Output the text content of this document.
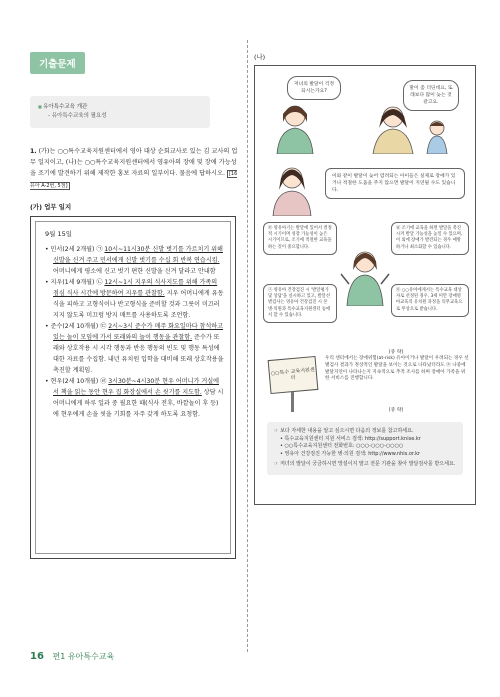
기출문제
■ 유아특수교육 개관
- 유아특수교육의 필요성
1. (가)는 ○○특수교육지원센터에서 영아 대상 순회교사로 있는 김 교사의 업무 일지이고, (나)는 ○○특수교육지원센터에서 영유아의 장애 및 장애 가능성을 조기에 발견하기 위해 제작한 홍보 자료의 일부이다. 물음에 답하시오. [16 유아 A-2번, 5점]
(가) 업무 일지
9월 15일
• 민서(2세 2개월) ㉠ 10시~11시30분 신발 벗기를 가르치기 위해 신발을 신겨 주고 민서에게 신발 벗기를 수십 회 반복 연습시킴. 어머니에게 평소에 신고 벗기 편한 신발을 신겨 달라고 안내함
• 지우(1세 9개월) ㉡ 12시~1시 지우의 식사지도를 위해 가족의 점심 식사 시간에 방문하여 지우를 관찰함. 지우 어머니에게 유동식을 피하고 고형식이나 반고형식을 준비할 것과 그릇이 미끄러지지 않도록 미끄럼 방지 매트를 사용하도록 조언함.
• 준수(2세 10개월) ㉢ 2시~3시 준수가 매주 화요일마다 참석하고 있는 놀이 모임에 가서 또래와의 놀이 행동을 관찰함. 준수가 또래와 상호작용 시 시각 행동과 반응 행동의 빈도 및 행동 특성에 대한 자료를 수집함. 내년 유치원 입학을 대비해 또래 상호작용을 촉진할 계획임.
• 현우(2세 10개월) ㉣ 3시30분~4시30분 현우 어머니가 거실에서 책을 읽는 동안 현우 집 화장실에서 손 씻기를 지도함. 상담 시 어머니에게 하루 일과 중 필요한 때(식사 전후, 바깥놀이 후 등)에 현우에게 손을 씻을 기회를 자주 갖게 하도록 요청함.
(나)
저녀의 발달이 걱정되시는가요?
말이 좀 더딘데요, 또래보다 많이 늦는 것 같고요.
이와 같이 발달이 늦어 염려되는 아이들은 실제로 장애가 있거나 적절한 도움을 주지 않으면 발달이 지연될 수도 있습니다.
㉤ 영유아기는 발달에 있어서 결정적 시기이며 성장 가능성이 높은 시기이므로, 조기에 적절한 교육을 하는 것이 중요합니다.
㉥ 조기에 교육을 하면 발달을 촉진시켜 발달 가능성을 높일 수 있으며, 이 외에 장애가 발견되는 경우 예방하거나 최소화할 수 있습니다.
㉦ 영유아 건강검진 시 '발달평가 및 상담'을 실시하고 있고, 발달선별검사는 영유아 건강검진 시 본 병·의원과 특수교육지원센터 등에서 할 수 있습니다.
㉧ ○○유아에게서는 특수교육 대상자로 선정된 경우, 3세 미만 장애영아교육의 유치원 과정을 의무교육으로 무상으로 받습니다.
○○특수 교육지원센터
(중 략)
우리 센터에서는 장애위험(at-risk) 유아이거나 발달이 우려되는 경우 선별검사 결과가 정상적인 발달을 보이는 것으로 나타났더라도 ㉨ 나중에 발달지연이 나타나는지 지속적으로 추적 조사를 하며 장애아 가족을 위한 서비스를 진행합니다.
(중 략)

☞ 보다 자세한 내용을 알고 싶으시면 다음의 정보를 참고하세요.

• 특수교육지원센터 지원 서비스 검색: http://support.knise.kr

• ○○특수교육지원센터 전화번호: ○○○-○○○-○○○○

• 영유아 건강검진 가능한 병·의원 검색: http://www.nhis.or.kr

☞ 저녀의 발달이 궁금하시면 망설이지 말고 전문 기관을 찾아 발달검사를 받으세요.

16 편1 유아특수교육
